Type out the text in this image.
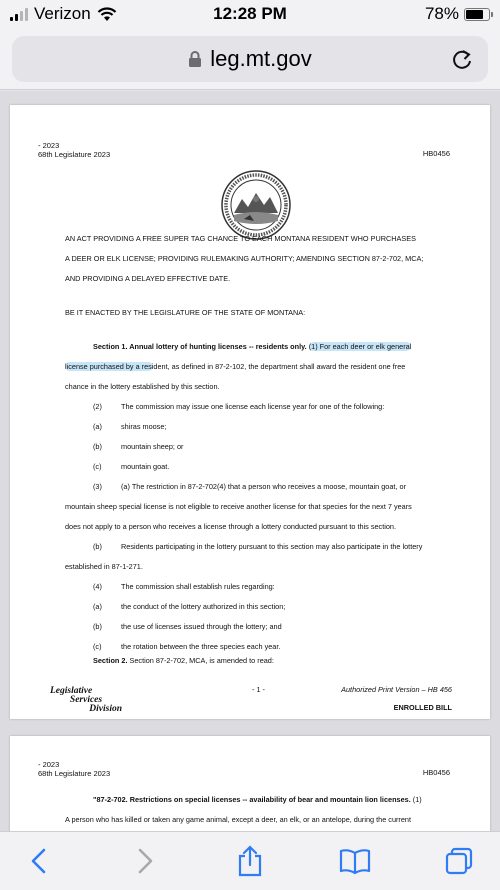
Verizon	12:28 PM	78%
leg.mt.gov
- 2023
68th Legislature 2023	HB0456
AN ACT PROVIDING A FREE SUPER TAG CHANCE TO EACH MONTANA RESIDENT WHO PURCHASES
A DEER OR ELK LICENSE; PROVIDING RULEMAKING AUTHORITY; AMENDING SECTION 87-2-702, MCA;
AND PROVIDING A DELAYED EFFECTIVE DATE.
BE IT ENACTED BY THE LEGISLATURE OF THE STATE OF MONTANA:
Section 1. Annual lottery of hunting licenses -- residents only. (1) For each deer or elk general
license purchased by a resident, as defined in 87-2-102, the department shall award the resident one free
chance in the lottery established by this section.
(2)	The commission may issue one license each license year for one of the following:
(a)	shiras moose;
(b)	mountain sheep; or
(c)	mountain goat.
(3)	(a) The restriction in 87-2-702(4) that a person who receives a moose, mountain goat, or
mountain sheep special license is not eligible to receive another license for that species for the next 7 years
does not apply to a person who receives a license through a lottery conducted pursuant to this section.
(b)	Residents participating in the lottery pursuant to this section may also participate in the lottery
established in 87-1-271.
(4)	The commission shall establish rules regarding:
(a)	the conduct of the lottery authorized in this section;
(b)	the use of licenses issued through the lottery; and
(c)	the rotation between the three species each year.
Section 2. Section 87-2-702, MCA, is amended to read:
Legislative
Services
Division
- 1 -	Authorized Print Version – HB 456
ENROLLED BILL
- 2023
68th Legislature 2023	HB0456
"87-2-702. Restrictions on special licenses -- availability of bear and mountain lion licenses. (1)
A person who has killed or taken any game animal, except a deer, an elk, or an antelope, during the current
